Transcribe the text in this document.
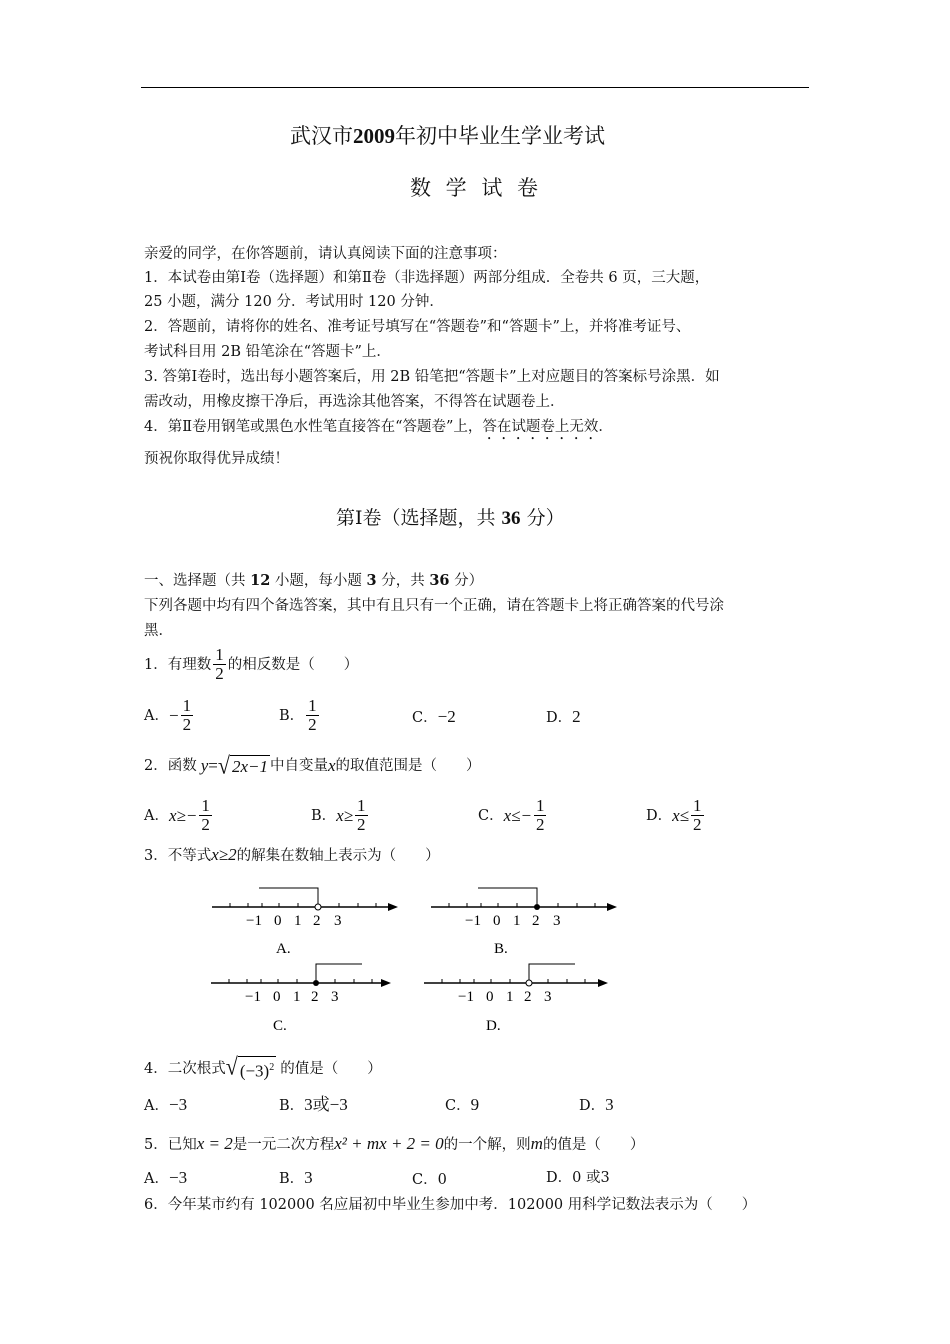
武汉市2009年初中毕业生学业考试
数 学 试 卷
亲爱的同学，在你答题前，请认真阅读下面的注意事项：
1．本试卷由第Ⅰ卷（选择题）和第Ⅱ卷（非选择题）两部分组成．全卷共 6 页，三大题，
25 小题，满分 120 分．考试用时 120 分钟．
2．答题前，请将你的姓名、准考证号填写在“答题卷”和“答题卡”上，并将准考证号、
考试科目用 2B 铅笔涂在“答题卡”上．
3. 答第Ⅰ卷时，选出每小题答案后，用 2B 铅笔把“答题卡”上对应题目的答案标号涂黑．如
需改动，用橡皮擦干净后，再选涂其他答案，不得答在试题卷上．
4．第Ⅱ卷用钢笔或黑色水性笔直接答在“答题卷”上，答在试题卷上无效．
预祝你取得优异成绩！
第Ⅰ卷（选择题，共 36 分）
一、选择题（共 12 小题，每小题 3 分，共 36 分）
下列各题中均有四个备选答案，其中有且只有一个正确，请在答题卡上将正确答案的代号涂
黑．
1．有理数 $\frac{1}{2}$ 的相反数是（　　）
A． − $\frac{1}{2}$	B． $\frac{1}{2}$	C．−2	D．2
2．函数 y = √ 2x−1 中自变量 x 的取值范围是（　　）
A． $x\ge- \frac{1}{2}$	B． $x\ge \frac{1}{2}$	C． $x\le- \frac{1}{2}$	D． $x\le \frac{1}{2}$
3．不等式x≥2的解集在数轴上表示为（　　）
−1 0 1 2 3
A.
−1 0 1 2 3
B.
−1 0 1 2 3
C.
−1 0 1 2 3
D.
4．二次根式 √ $(-3)^2$ 的值是（　　）
A．−3	B．3或−3	C．9	D．3
5．已知x = 2是一元二次方程x² + mx + 2 = 0的一个解，则m的值是（　　）
A．−3	B．3	C．0	D．0 或3
6．今年某市约有 102000 名应届初中毕业生参加中考．102000 用科学记数法表示为（　　）
